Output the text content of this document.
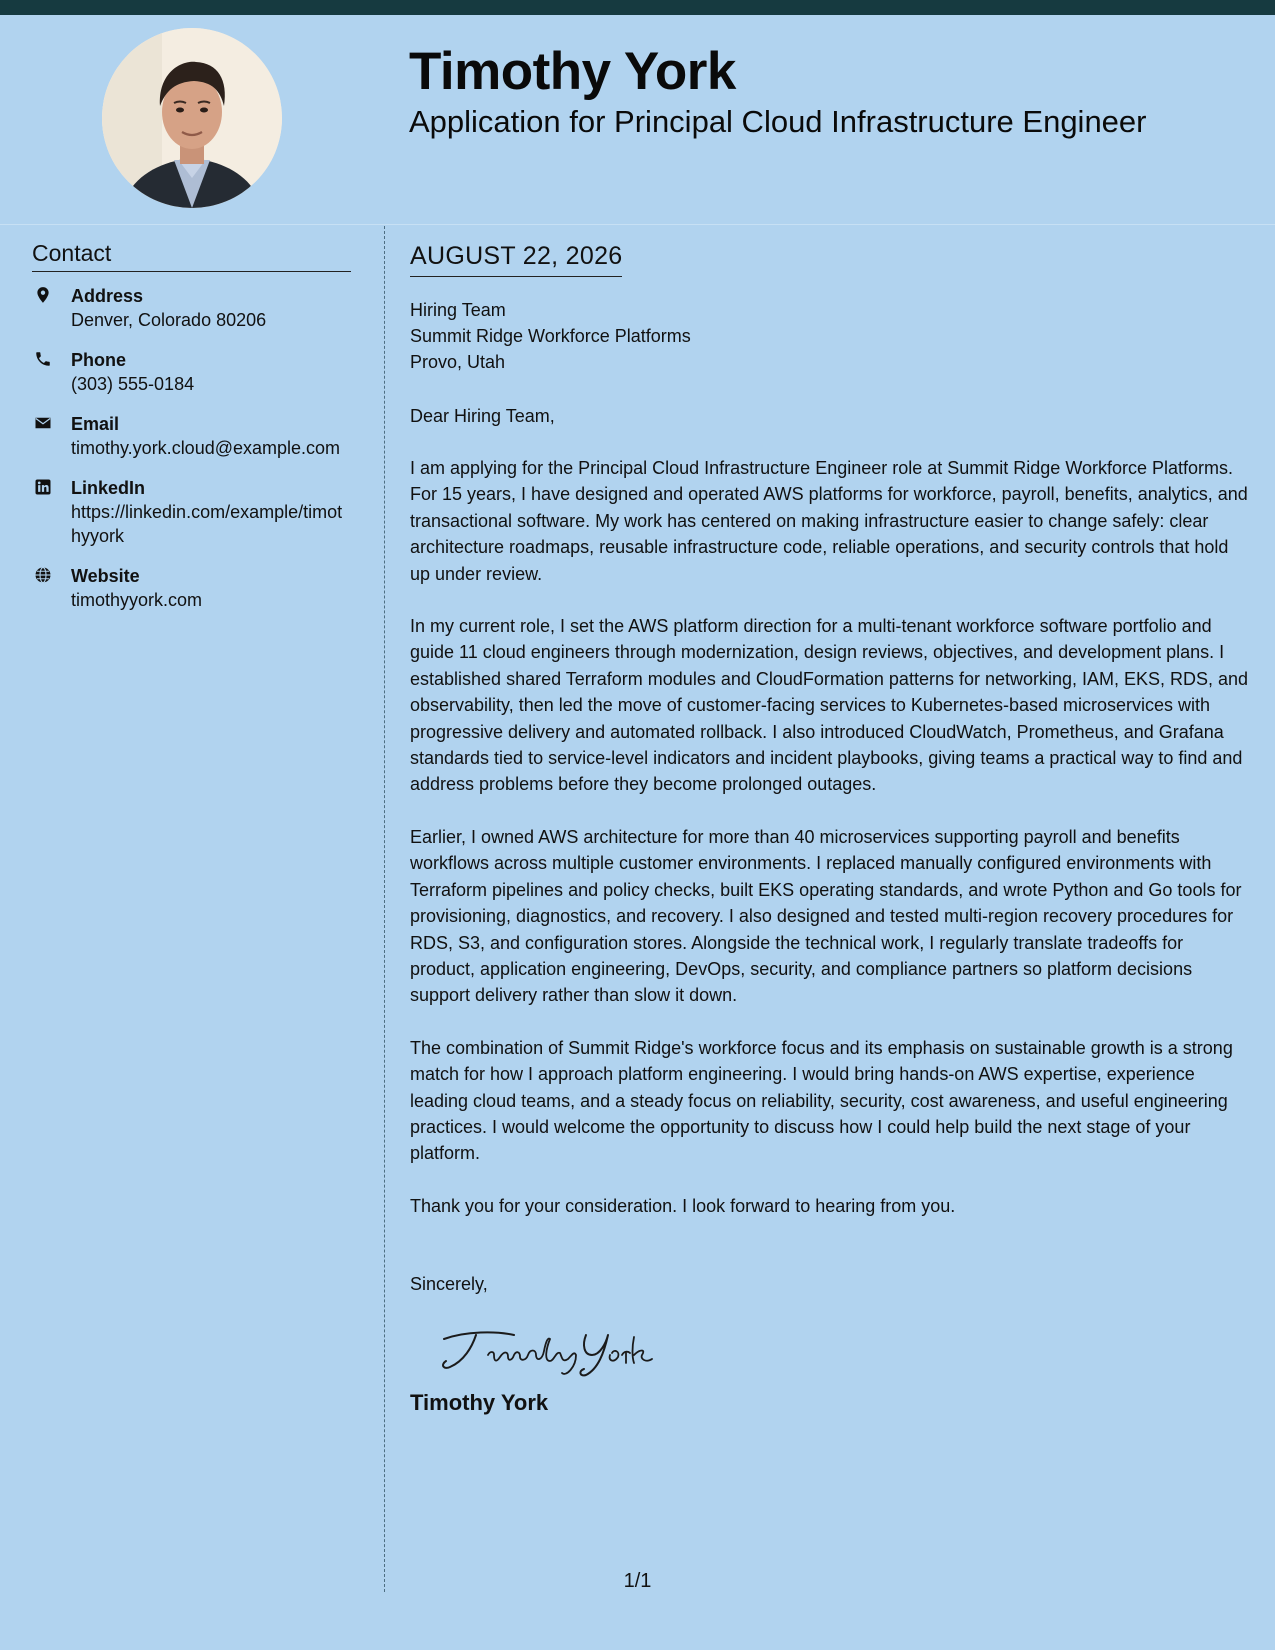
Timothy York
Application for Principal Cloud Infrastructure Engineer
Contact
Address
Denver, Colorado 80206
Phone
(303) 555-0184
Email
timothy.york.cloud@example.com
LinkedIn
https://linkedin.com/example/timothyyork
Website
timothyyork.com
AUGUST 22, 2026
Hiring Team
Summit Ridge Workforce Platforms
Provo, Utah

Dear Hiring Team,

I am applying for the Principal Cloud Infrastructure Engineer role at Summit Ridge Workforce Platforms. For 15 years, I have designed and operated AWS platforms for workforce, payroll, benefits, analytics, and transactional software. My work has centered on making infrastructure easier to change safely: clear architecture roadmaps, reusable infrastructure code, reliable operations, and security controls that hold up under review.

In my current role, I set the AWS platform direction for a multi-tenant workforce software portfolio and guide 11 cloud engineers through modernization, design reviews, objectives, and development plans. I established shared Terraform modules and CloudFormation patterns for networking, IAM, EKS, RDS, and observability, then led the move of customer-facing services to Kubernetes-based microservices with progressive delivery and automated rollback. I also introduced CloudWatch, Prometheus, and Grafana standards tied to service-level indicators and incident playbooks, giving teams a practical way to find and address problems before they become prolonged outages.

Earlier, I owned AWS architecture for more than 40 microservices supporting payroll and benefits workflows across multiple customer environments. I replaced manually configured environments with Terraform pipelines and policy checks, built EKS operating standards, and wrote Python and Go tools for provisioning, diagnostics, and recovery. I also designed and tested multi-region recovery procedures for RDS, S3, and configuration stores. Alongside the technical work, I regularly translate tradeoffs for product, application engineering, DevOps, security, and compliance partners so platform decisions support delivery rather than slow it down.

The combination of Summit Ridge's workforce focus and its emphasis on sustainable growth is a strong match for how I approach platform engineering. I would bring hands-on AWS expertise, experience leading cloud teams, and a steady focus on reliability, security, cost awareness, and useful engineering practices. I would welcome the opportunity to discuss how I could help build the next stage of your platform.

Thank you for your consideration. I look forward to hearing from you.

Sincerely,

Timothy York

1/1
